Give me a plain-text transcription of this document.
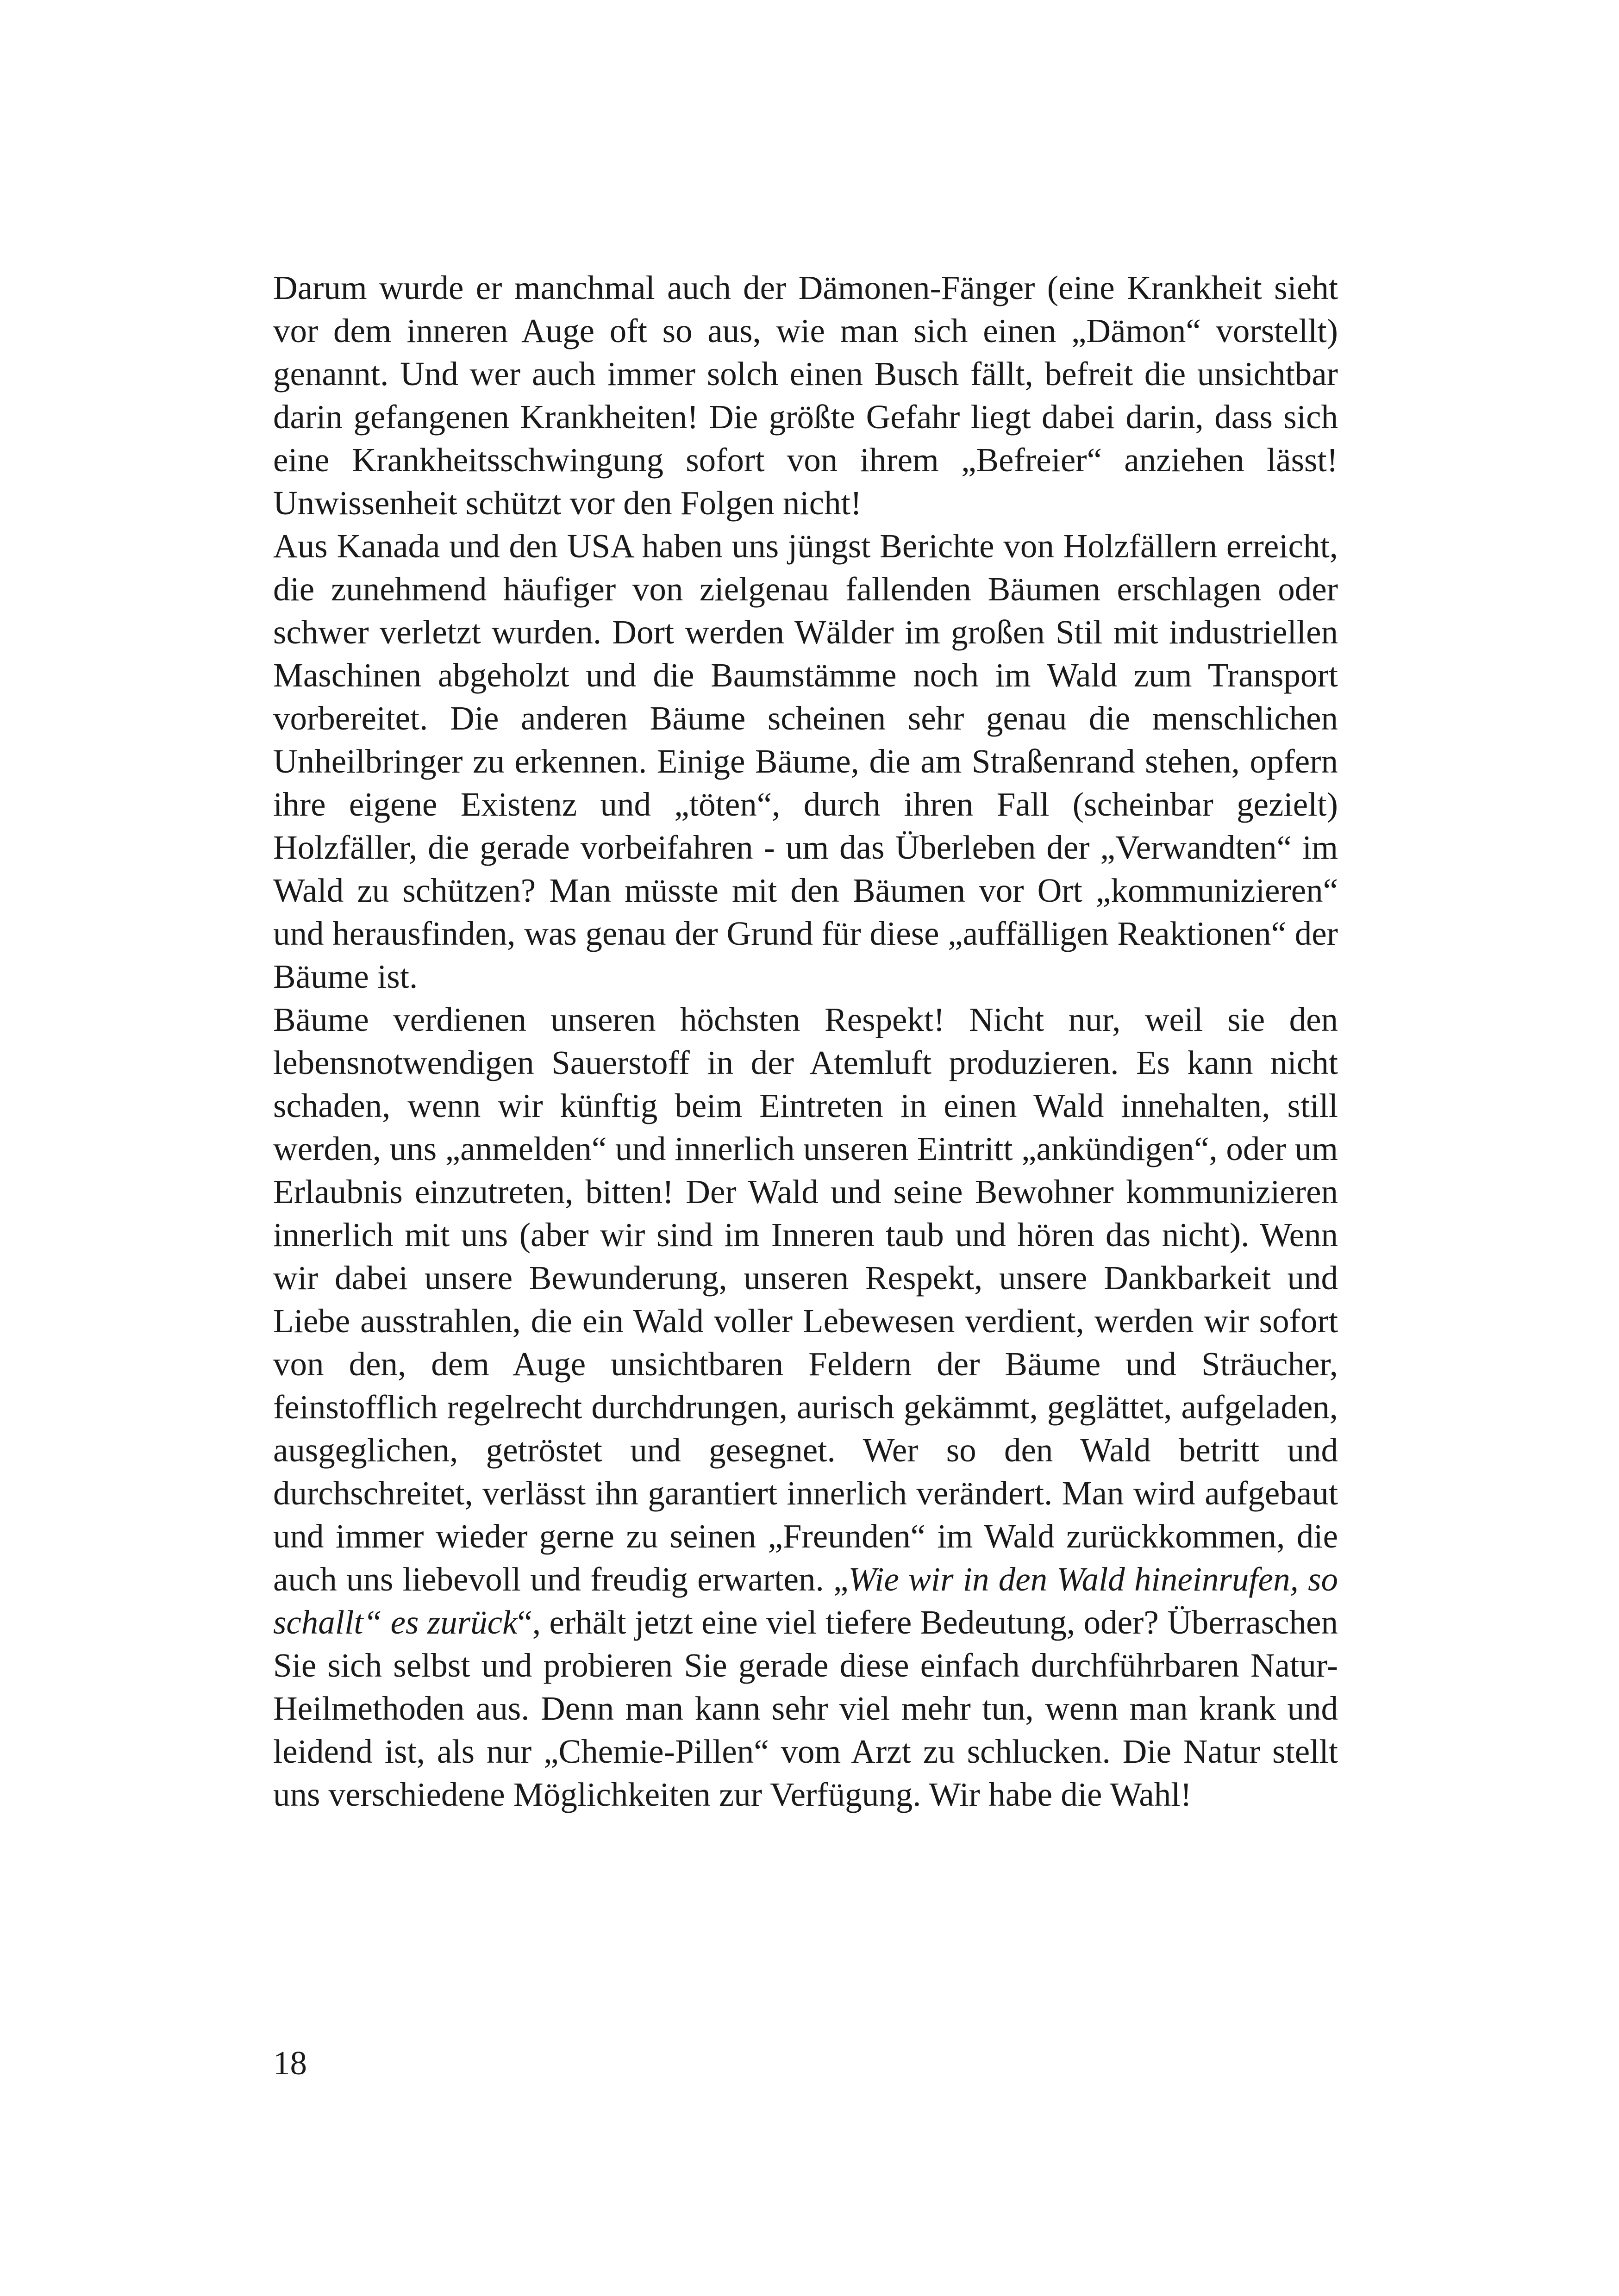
Darum wurde er manchmal auch der Dämonen-Fänger (eine Krankheit sieht vor dem inneren Auge oft so aus, wie man sich einen „Dämon“ vorstellt) genannt. Und wer auch immer solch einen Busch fällt, befreit die unsichtbar darin gefangenen Krankheiten! Die größte Gefahr liegt dabei darin, dass sich eine Krankheitsschwingung sofort von ihrem „Befreier“ anziehen lässt! Unwissenheit schützt vor den Folgen nicht!

Aus Kanada und den USA haben uns jüngst Berichte von Holzfällern erreicht, die zunehmend häufiger von zielgenau fallenden Bäumen erschlagen oder schwer verletzt wurden. Dort werden Wälder im großen Stil mit industriellen Maschinen abgeholzt und die Baumstämme noch im Wald zum Transport vorbereitet. Die anderen Bäume scheinen sehr genau die menschlichen Unheilbringer zu erkennen. Einige Bäume, die am Straßenrand stehen, opfern ihre eigene Existenz und „töten“, durch ihren Fall (scheinbar gezielt) Holzfäller, die gerade vorbeifahren - um das Überleben der „Verwandten“ im Wald zu schützen? Man müsste mit den Bäumen vor Ort „kommunizieren“ und herausfinden, was genau der Grund für diese „auffälligen Reaktionen“ der Bäume ist.

Bäume verdienen unseren höchsten Respekt! Nicht nur, weil sie den lebensnotwendigen Sauerstoff in der Atemluft produzieren. Es kann nicht schaden, wenn wir künftig beim Eintreten in einen Wald innehalten, still werden, uns „anmelden“ und innerlich unseren Eintritt „ankündigen“, oder um Erlaubnis einzutreten, bitten! Der Wald und seine Bewohner kommunizieren innerlich mit uns (aber wir sind im Inneren taub und hören das nicht). Wenn wir dabei unsere Bewunderung, unseren Respekt, unsere Dankbarkeit und Liebe ausstrahlen, die ein Wald voller Lebewesen verdient, werden wir sofort von den, dem Auge unsichtbaren Feldern der Bäume und Sträucher, feinstofflich regelrecht durchdrungen, aurisch gekämmt, geglättet, aufgeladen, ausgeglichen, getröstet und gesegnet. Wer so den Wald betritt und durchschreitet, verlässt ihn garantiert innerlich verändert. Man wird aufgebaut und immer wieder gerne zu seinen „Freunden“ im Wald zurückkommen, die auch uns liebevoll und freudig erwarten. „Wie wir in den Wald hineinrufen, so schallt“ es zurück“, erhält jetzt eine viel tiefere Bedeutung, oder? Überraschen Sie sich selbst und probieren Sie gerade diese einfach durchführbaren Natur-Heilmethoden aus. Denn man kann sehr viel mehr tun, wenn man krank und leidend ist, als nur „Chemie-Pillen“ vom Arzt zu schlucken. Die Natur stellt uns verschiedene Möglichkeiten zur Verfügung. Wir habe die Wahl!

18
